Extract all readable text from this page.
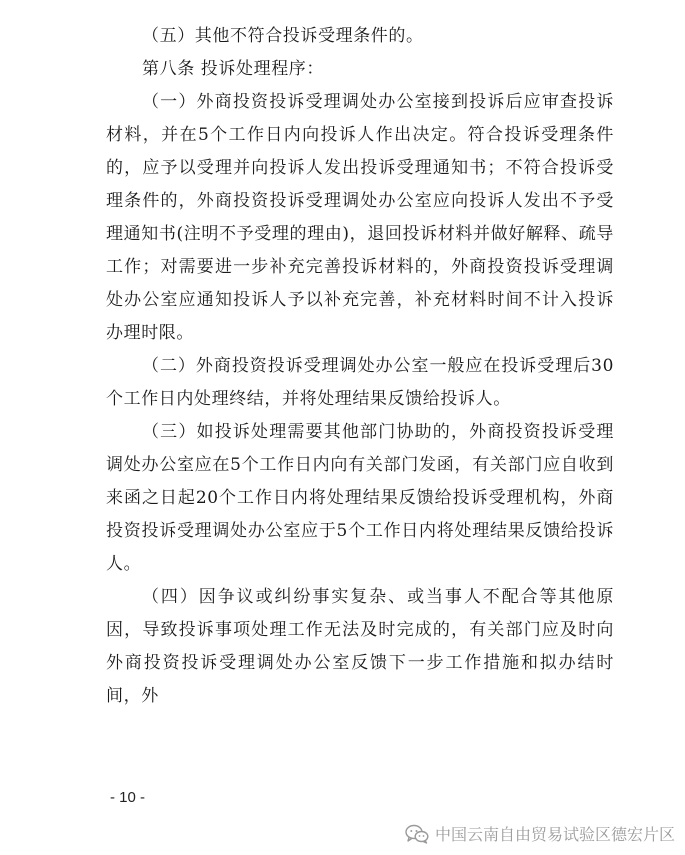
（五）其他不符合投诉受理条件的。

第八条 投诉处理程序：

（一）外商投资投诉受理调处办公室接到投诉后应审查投诉材料，并在5个工作日内向投诉人作出决定。符合投诉受理条件的，应予以受理并向投诉人发出投诉受理通知书；不符合投诉受理条件的，外商投资投诉受理调处办公室应向投诉人发出不予受理通知书(注明不予受理的理由)，退回投诉材料并做好解释、疏导工作；对需要进一步补充完善投诉材料的，外商投资投诉受理调处办公室应通知投诉人予以补充完善，补充材料时间不计入投诉办理时限。

（二）外商投资投诉受理调处办公室一般应在投诉受理后30个工作日内处理终结，并将处理结果反馈给投诉人。

（三）如投诉处理需要其他部门协助的，外商投资投诉受理调处办公室应在5个工作日内向有关部门发函，有关部门应自收到来函之日起20个工作日内将处理结果反馈给投诉受理机构，外商投资投诉受理调处办公室应于5个工作日内将处理结果反馈给投诉人。

（四）因争议或纠纷事实复杂、或当事人不配合等其他原因，导致投诉事项处理工作无法及时完成的，有关部门应及时向外商投资投诉受理调处办公室反馈下一步工作措施和拟办结时间，外

- 10 -
中国云南自由贸易试验区德宏片区
